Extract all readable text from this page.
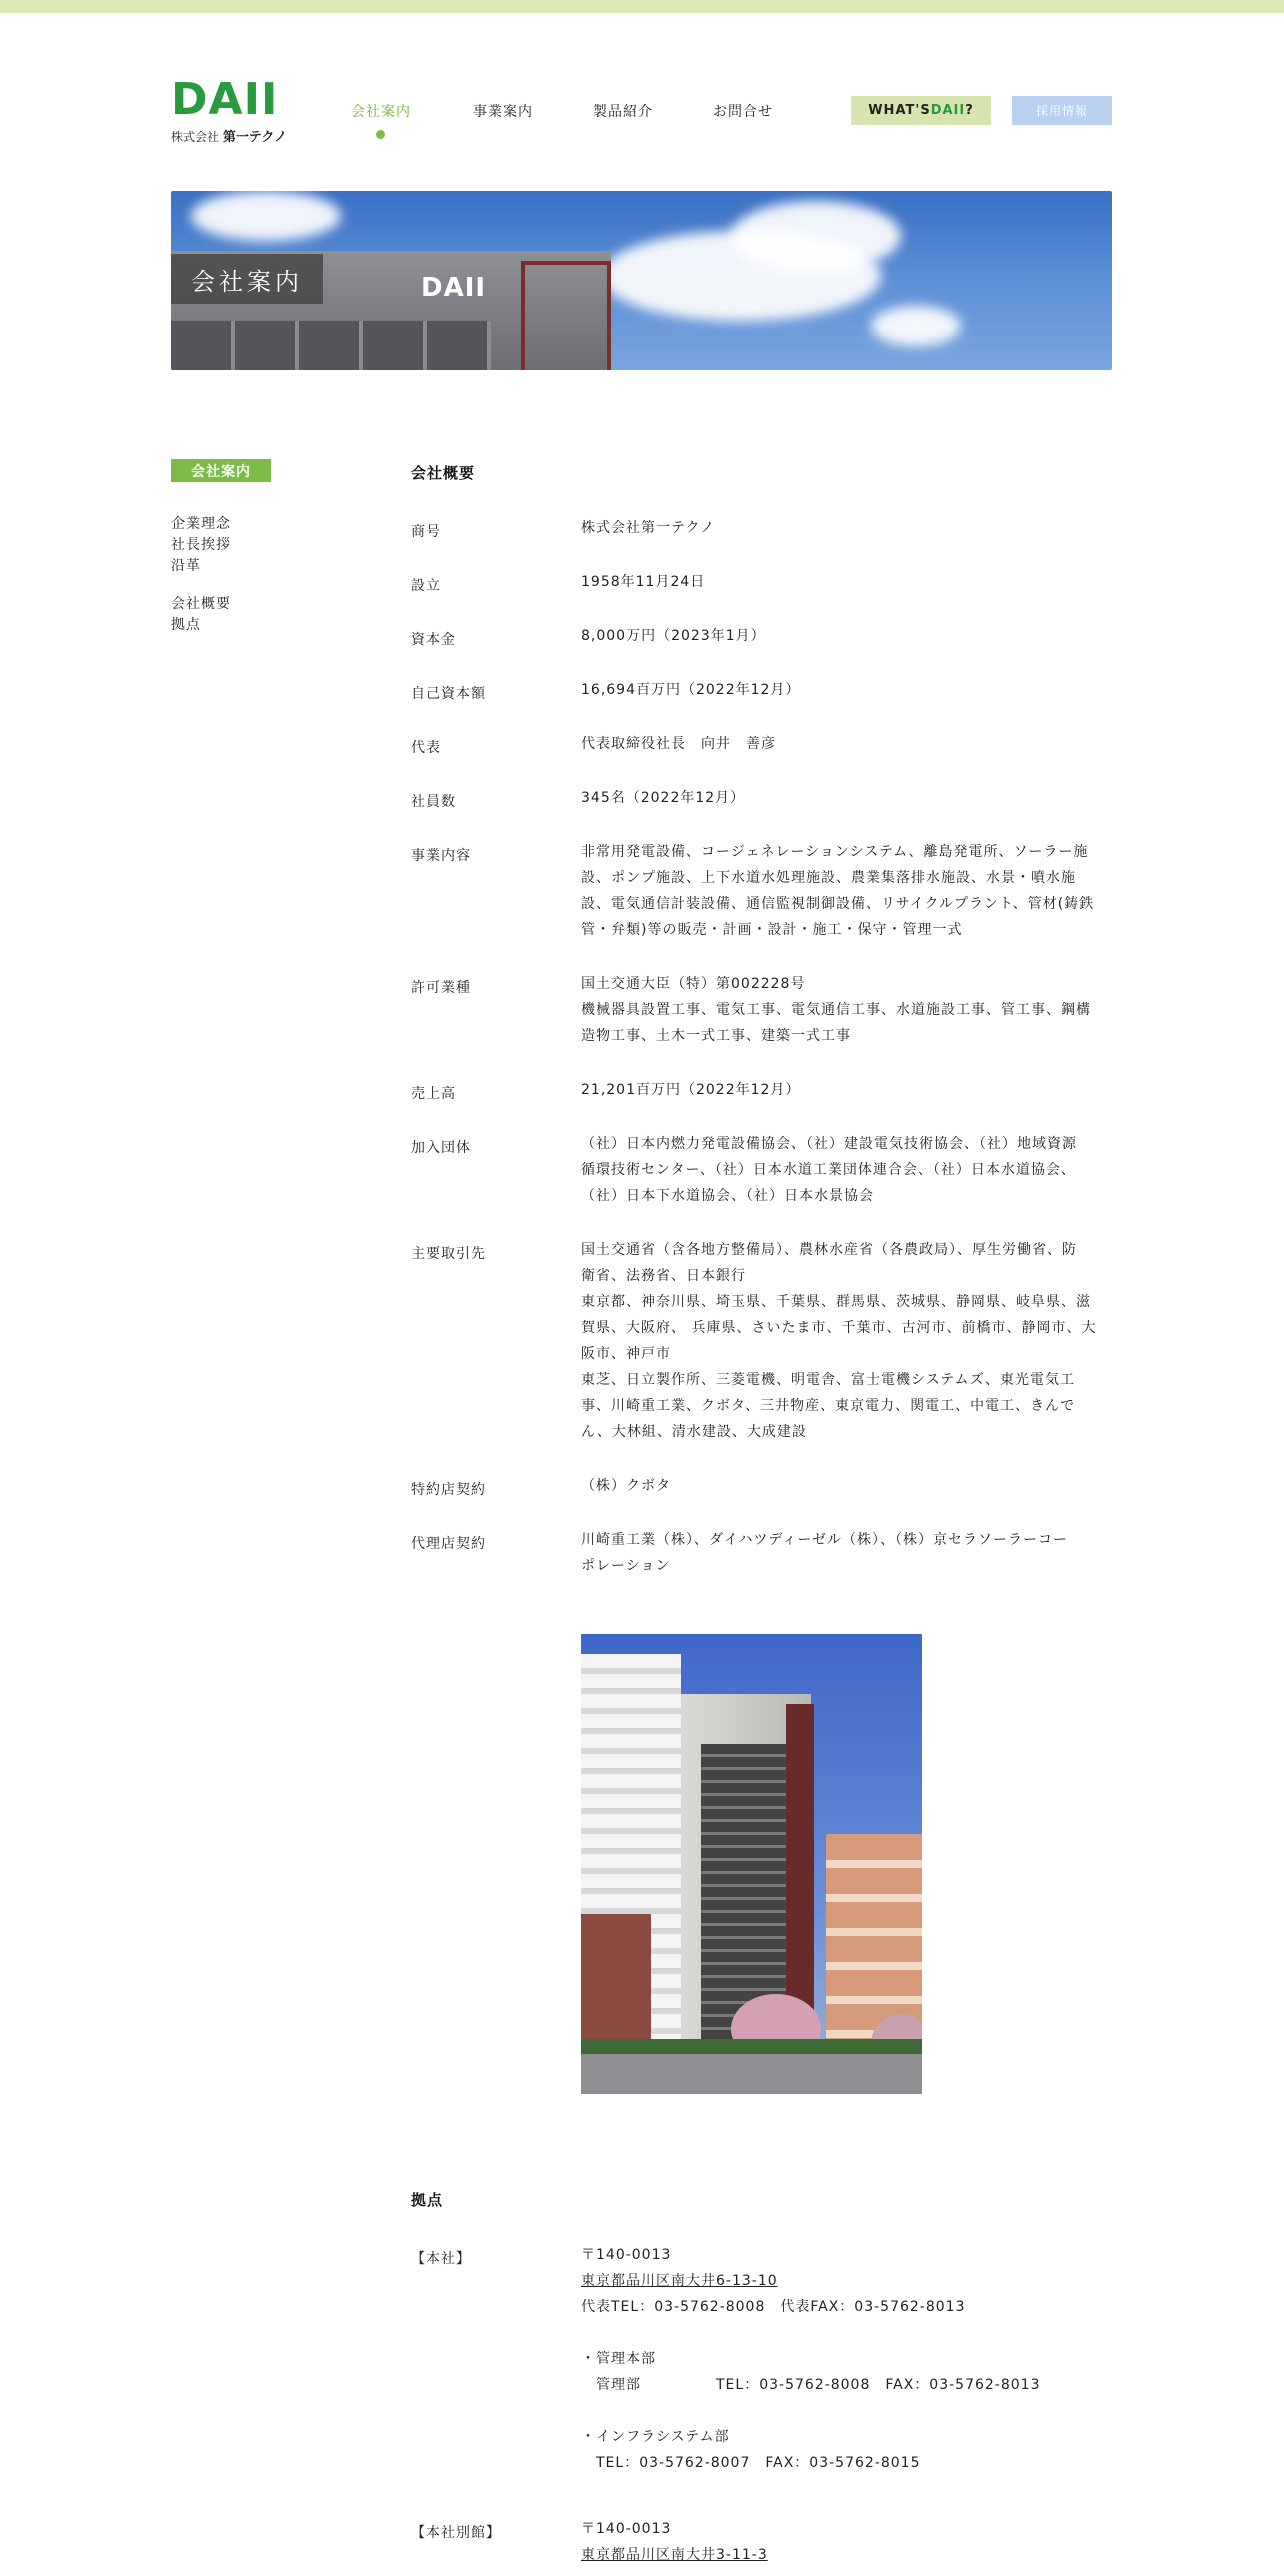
DAII
株式会社 第一テクノ
会社案内	事業案内	製品紹介	お問合せ	WHAT'S DAII ?	採用情報
DAII
会社案内
会社案内
企業理念
社長挨拶
沿革
会社概要
拠点
会社概要
商号	株式会社第一テクノ
設立	1958年11月24日
資本金	8,000万円（2023年1月）
自己資本額	16,694百万円（2022年12月）
代表	代表取締役社長　向井　善彦
社員数	345名（2022年12月）
事業内容	非常用発電設備、コージェネレーションシステム、離島発電所、ソーラー施
設、ポンプ施設、上下水道水処理施設、農業集落排水施設、水景・噴水施
設、電気通信計装設備、通信監視制御設備、リサイクルプラント、管材(鋳鉄
管・弁類)等の販売・計画・設計・施工・保守・管理一式
許可業種	国土交通大臣（特）第002228号
機械器具設置工事、電気工事、電気通信工事、水道施設工事、管工事、鋼構
造物工事、土木一式工事、建築一式工事
売上高	21,201百万円（2022年12月）
加入団体	（社）日本内燃力発電設備協会、（社）建設電気技術協会、（社）地域資源
循環技術センター、（社）日本水道工業団体連合会、（社）日本水道協会、
（社）日本下水道協会、（社）日本水景協会
主要取引先	国土交通省（含各地方整備局）、農林水産省（各農政局）、厚生労働省、防
衛省、法務省、日本銀行
東京都、神奈川県、埼玉県、千葉県、群馬県、茨城県、静岡県、岐阜県、滋
賀県、大阪府、 兵庫県、さいたま市、千葉市、古河市、前橋市、静岡市、大
阪市、神戸市
東芝、日立製作所、三菱電機、明電舎、富士電機システムズ、東光電気工
事、川崎重工業、クボタ、三井物産、東京電力、関電工、中電工、きんで
ん、大林組、清水建設、大成建設
特約店契約	（株）クボタ
代理店契約	川崎重工業（株）、ダイハツディーゼル（株）、（株）京セラソーラーコー
ポレーション
拠点
【本社】	〒140-0013
東京都品川区南大井6-13-10
代表TEL：03-5762-8008　代表FAX：03-5762-8013

・管理本部
　管理部　　　　　TEL：03-5762-8008　FAX：03-5762-8013

・インフラシステム部
　TEL：03-5762-8007　FAX：03-5762-8015
【本社別館】	〒140-0013
東京都品川区南大井3-11-3
